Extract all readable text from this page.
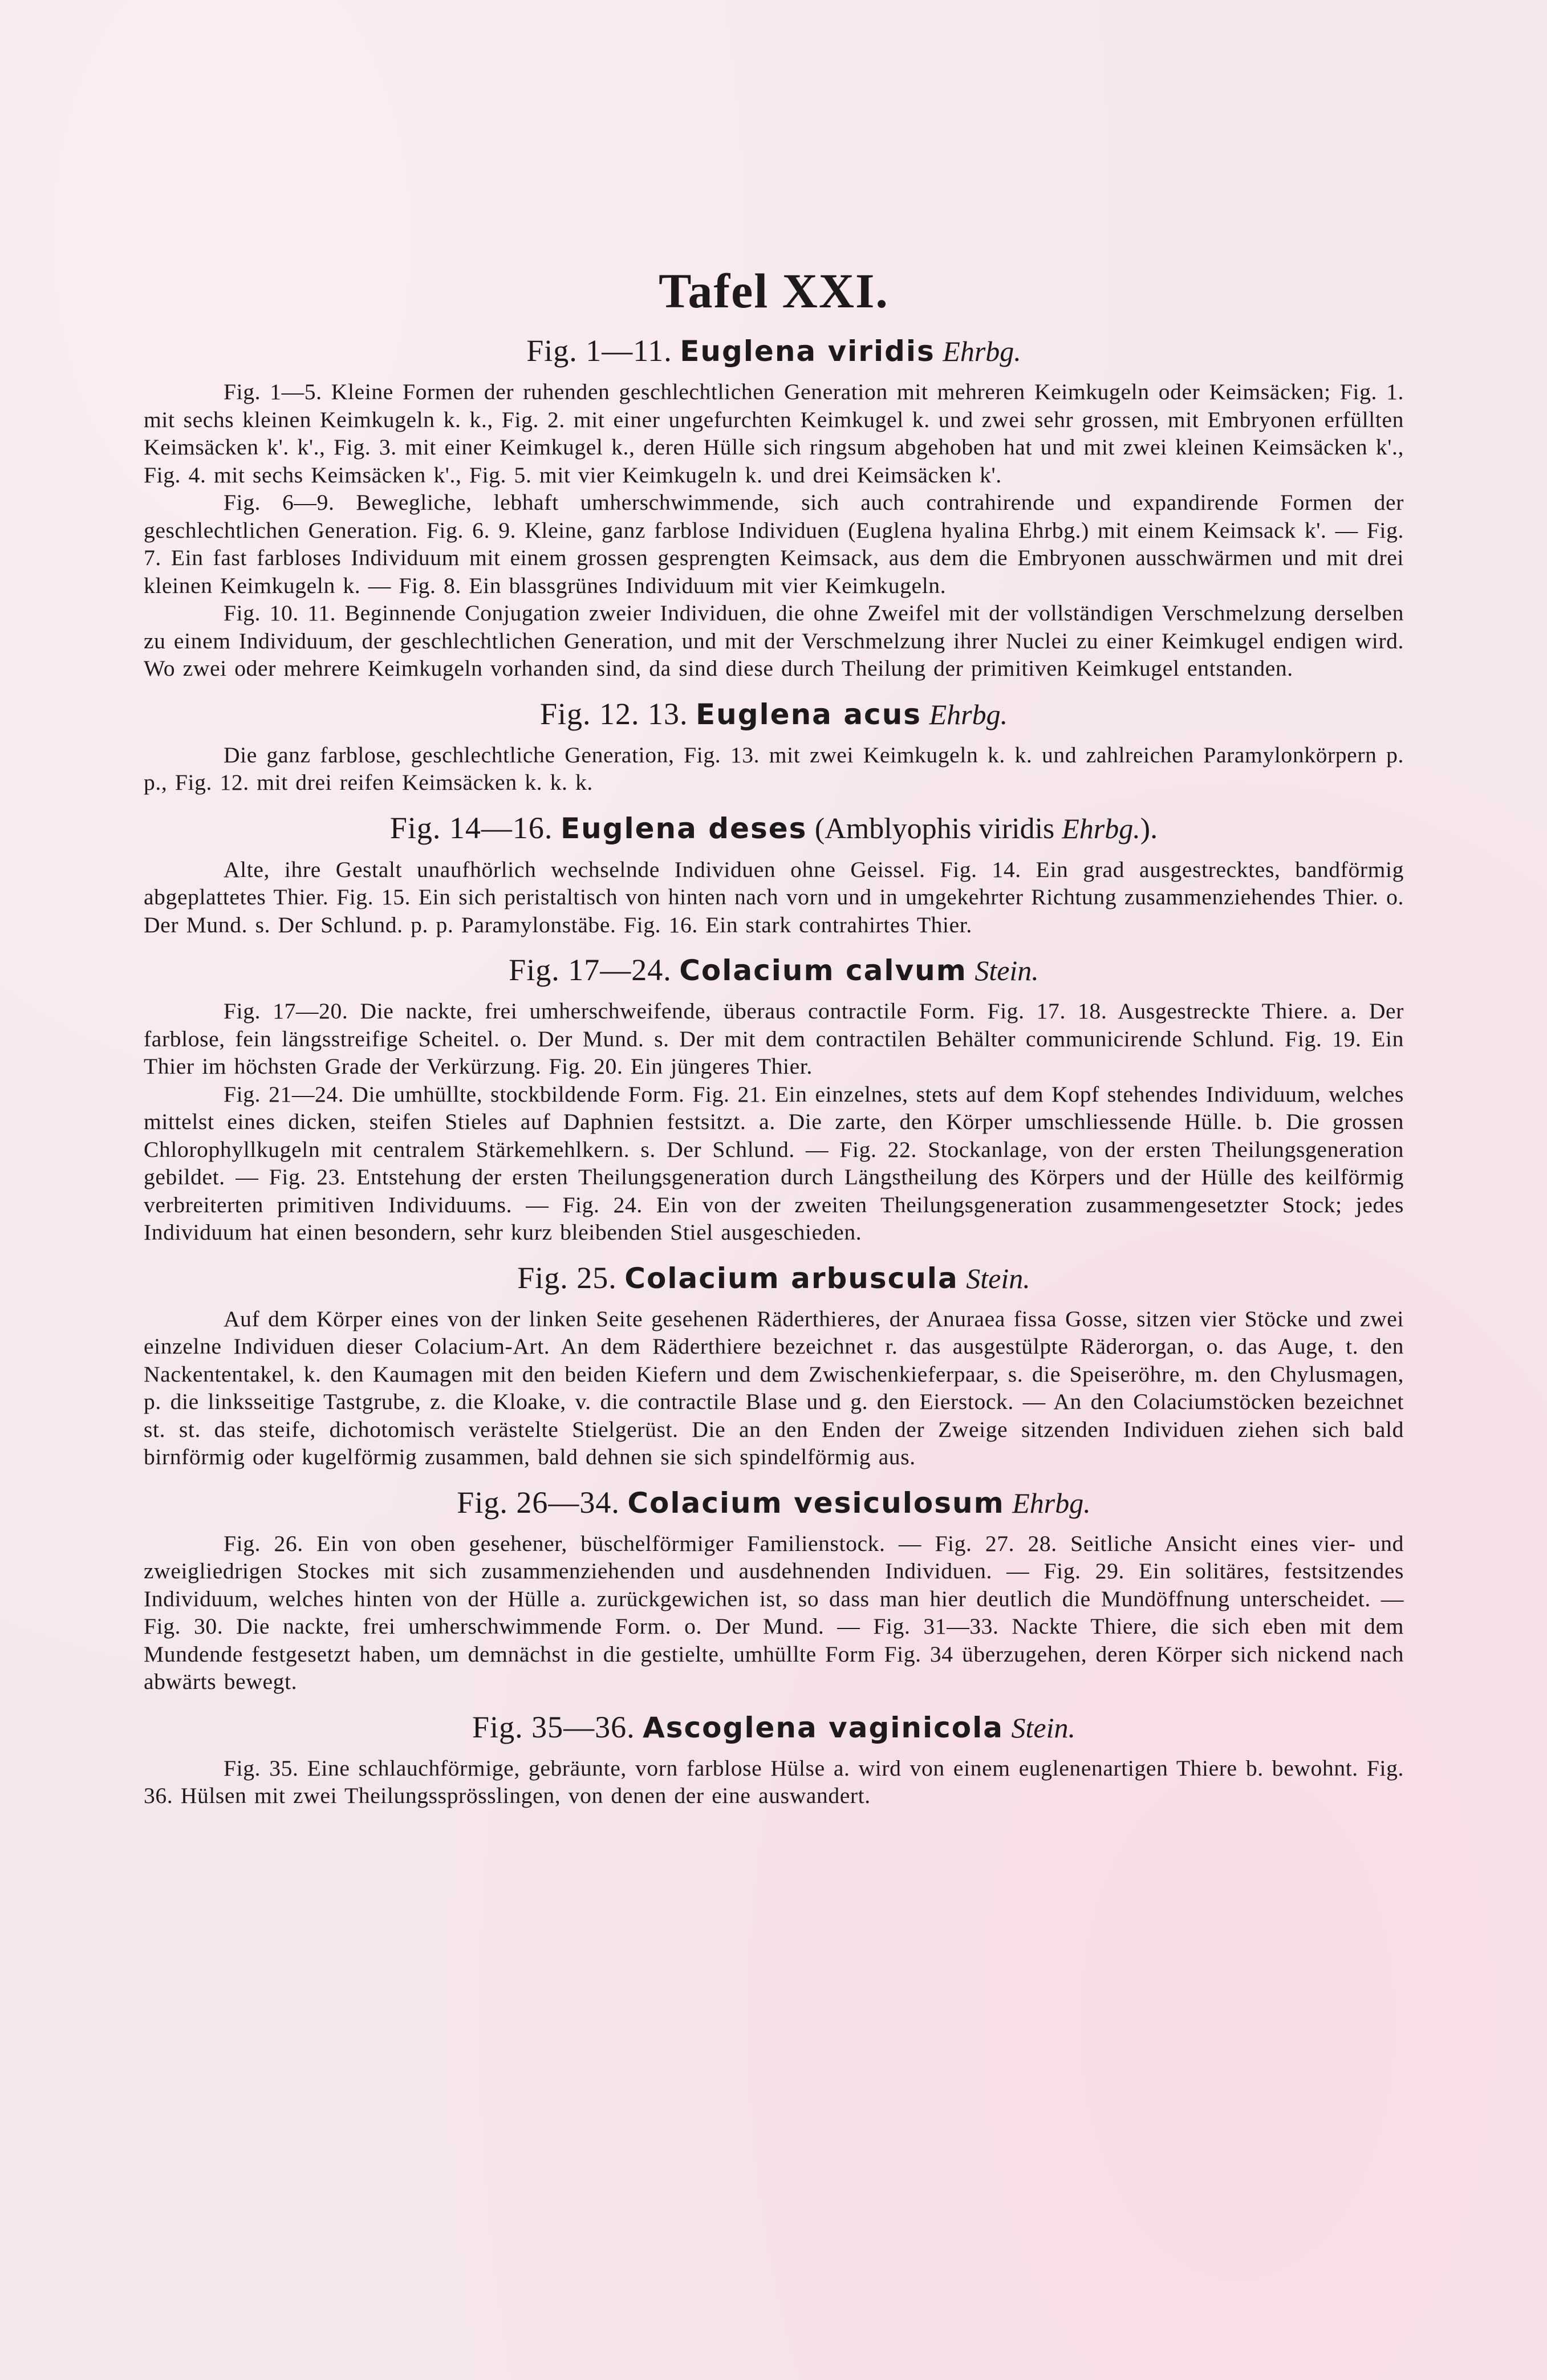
Tafel XXI.
Fig. 1—11. Euglena viridis Ehrbg.

Fig. 1—5. Kleine Formen der ruhenden geschlechtlichen Generation mit mehreren Keimkugeln oder Keimsäcken; Fig. 1. mit sechs kleinen Keimkugeln k. k., Fig. 2. mit einer ungefurchten Keimkugel k. und zwei sehr grossen, mit Embryonen erfüllten Keimsäcken k'. k'., Fig. 3. mit einer Keimkugel k., deren Hülle sich ringsum abgehoben hat und mit zwei kleinen Keimsäcken k'., Fig. 4. mit sechs Keimsäcken k'., Fig. 5. mit vier Keimkugeln k. und drei Keimsäcken k'.

Fig. 6—9. Bewegliche, lebhaft umherschwimmende, sich auch contrahirende und expandirende Formen der geschlechtlichen Generation. Fig. 6. 9. Kleine, ganz farblose Individuen (Euglena hyalina Ehrbg.) mit einem Keimsack k'. — Fig. 7. Ein fast farbloses Individuum mit einem grossen gesprengten Keimsack, aus dem die Embryonen ausschwärmen und mit drei kleinen Keimkugeln k. — Fig. 8. Ein blassgrünes Individuum mit vier Keimkugeln.

Fig. 10. 11. Beginnende Conjugation zweier Individuen, die ohne Zweifel mit der vollständigen Verschmelzung derselben zu einem Individuum, der geschlechtlichen Generation, und mit der Verschmelzung ihrer Nuclei zu einer Keimkugel endigen wird. Wo zwei oder mehrere Keimkugeln vorhanden sind, da sind diese durch Theilung der primitiven Keimkugel entstanden.

Fig. 12. 13. Euglena acus Ehrbg.

Die ganz farblose, geschlechtliche Generation, Fig. 13. mit zwei Keimkugeln k. k. und zahlreichen Paramylonkörpern p. p., Fig. 12. mit drei reifen Keimsäcken k. k. k.

Fig. 14—16. Euglena deses (Amblyophis viridis Ehrbg.).

Alte, ihre Gestalt unaufhörlich wechselnde Individuen ohne Geissel. Fig. 14. Ein grad ausgestrecktes, bandförmig abgeplattetes Thier. Fig. 15. Ein sich peristaltisch von hinten nach vorn und in umgekehrter Richtung zusammenziehendes Thier. o. Der Mund. s. Der Schlund. p. p. Paramylonstäbe. Fig. 16. Ein stark contrahirtes Thier.

Fig. 17—24. Colacium calvum Stein.

Fig. 17—20. Die nackte, frei umherschweifende, überaus contractile Form. Fig. 17. 18. Ausgestreckte Thiere. a. Der farblose, fein längsstreifige Scheitel. o. Der Mund. s. Der mit dem contractilen Behälter communicirende Schlund. Fig. 19. Ein Thier im höchsten Grade der Verkürzung. Fig. 20. Ein jüngeres Thier.

Fig. 21—24. Die umhüllte, stockbildende Form. Fig. 21. Ein einzelnes, stets auf dem Kopf stehendes Individuum, welches mittelst eines dicken, steifen Stieles auf Daphnien festsitzt. a. Die zarte, den Körper umschliessende Hülle. b. Die grossen Chlorophyllkugeln mit centralem Stärkemehlkern. s. Der Schlund. — Fig. 22. Stockanlage, von der ersten Theilungsgeneration gebildet. — Fig. 23. Entstehung der ersten Theilungsgeneration durch Längstheilung des Körpers und der Hülle des keilförmig verbreiterten primitiven Individuums. — Fig. 24. Ein von der zweiten Theilungsgeneration zusammengesetzter Stock; jedes Individuum hat einen besondern, sehr kurz bleibenden Stiel ausgeschieden.

Fig. 25. Colacium arbuscula Stein.

Auf dem Körper eines von der linken Seite gesehenen Räderthieres, der Anuraea fissa Gosse, sitzen vier Stöcke und zwei einzelne Individuen dieser Colacium-Art. An dem Räderthiere bezeichnet r. das ausgestülpte Räderorgan, o. das Auge, t. den Nackententakel, k. den Kaumagen mit den beiden Kiefern und dem Zwischenkieferpaar, s. die Speiseröhre, m. den Chylusmagen, p. die linksseitige Tastgrube, z. die Kloake, v. die contractile Blase und g. den Eierstock. — An den Colaciumstöcken bezeichnet st. st. das steife, dichotomisch verästelte Stielgerüst. Die an den Enden der Zweige sitzenden Individuen ziehen sich bald birnförmig oder kugelförmig zusammen, bald dehnen sie sich spindelförmig aus.

Fig. 26—34. Colacium vesiculosum Ehrbg.

Fig. 26. Ein von oben gesehener, büschelförmiger Familienstock. — Fig. 27. 28. Seitliche Ansicht eines vier- und zweigliedrigen Stockes mit sich zusammenziehenden und ausdehnenden Individuen. — Fig. 29. Ein solitäres, festsitzendes Individuum, welches hinten von der Hülle a. zurückgewichen ist, so dass man hier deutlich die Mundöffnung unterscheidet. — Fig. 30. Die nackte, frei umherschwimmende Form. o. Der Mund. — Fig. 31—33. Nackte Thiere, die sich eben mit dem Mundende festgesetzt haben, um demnächst in die gestielte, umhüllte Form Fig. 34 überzugehen, deren Körper sich nickend nach abwärts bewegt.

Fig. 35—36. Ascoglena vaginicola Stein.

Fig. 35. Eine schlauchförmige, gebräunte, vorn farblose Hülse a. wird von einem euglenenartigen Thiere b. bewohnt. Fig. 36. Hülsen mit zwei Theilungssprösslingen, von denen der eine auswandert.
